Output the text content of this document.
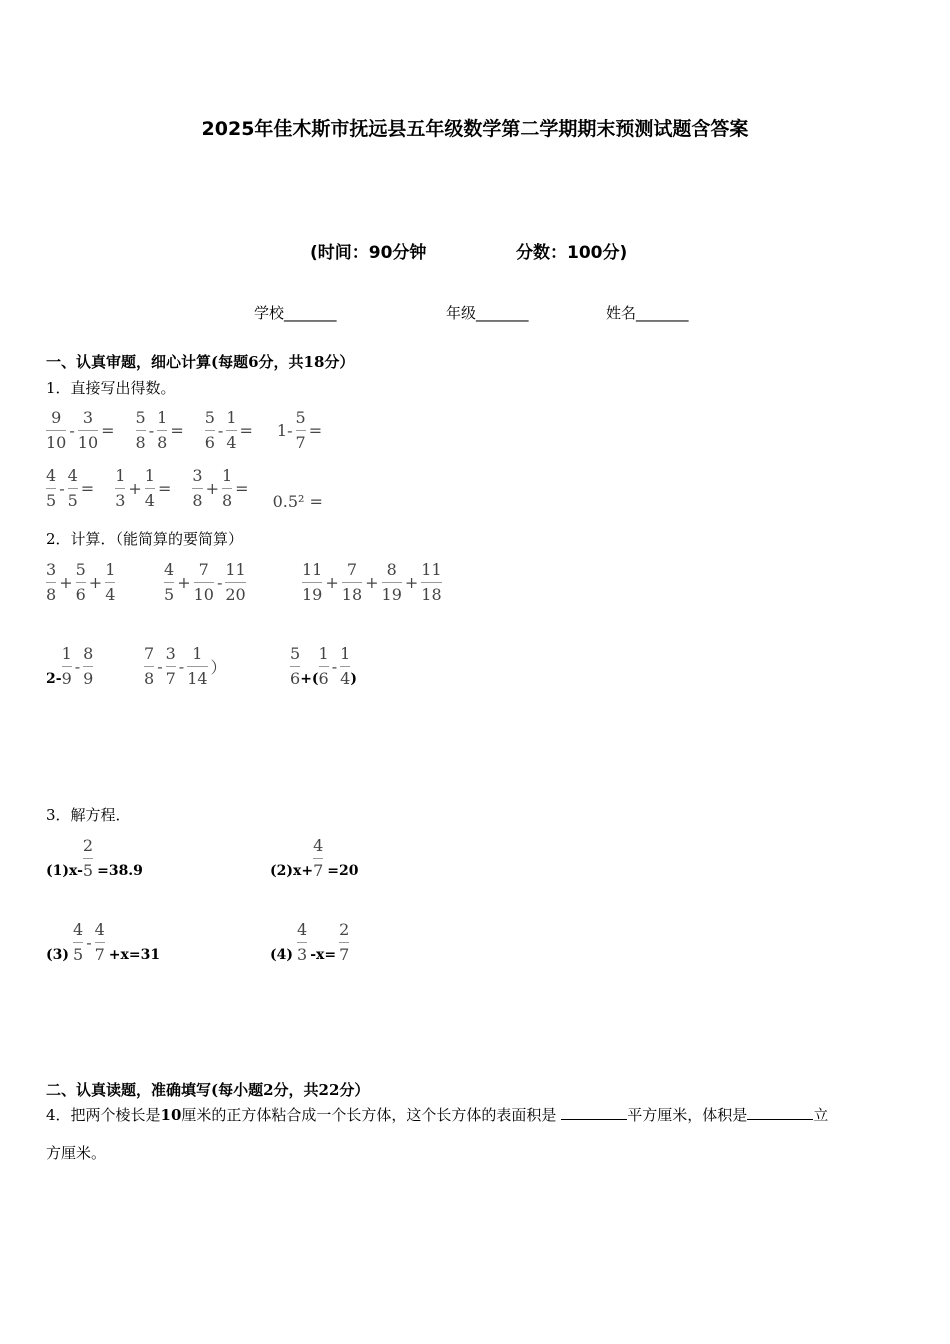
2025年佳木斯市抚远县五年级数学第二学期期末预测试题含答案
(时间：90分钟	分数：100分)
学校_______	年级_______	姓名_______
一、认真审题，细心计算(每题6分，共18分）
1．直接写出得数。
$\frac{9}{10} - \frac{3}{10} = \frac{5}{8} - \frac{1}{8} = \frac{5}{6} - \frac{1}{4} = 1- \frac{5}{7}$ =
$\frac{4}{5} - \frac{4}{5} = \frac{1}{3} + \frac{1}{4} = \frac{3}{8} + \frac{1}{8}$ =
0.5² =
2．计算．（能简算的要简算）
$\frac{3}{8} + \frac{5}{6} + \frac{1}{4}$	$\frac{4}{5} + \frac{7}{10} - \frac{11}{20}$	$\frac{11}{19} + \frac{7}{18} + \frac{8}{19} + \frac{11}{18}$
$2- \frac{1}{9} - \frac{8}{9}$	$\frac{7}{8} - \frac{3}{7} - \frac{1}{14}$ ）	$\frac{5}{6}$ +( $\frac{1}{6} - \frac{1}{4}$ )
3．解方程．
$(1)x- \frac{2}{5} =38.9$	$(2)x+ \frac{4}{7} =20$
$(3) \frac{4}{5} - \frac{4}{7} +x=31$	$(4) \frac{4}{3} -x= \frac{2}{7}$
二、认真读题，准确填写(每小题2分，共22分）
4．把两个棱长是10厘米的正方体粘合成一个长方体，这个长方体的表面积是	平方厘米，体积是	立
方厘米。
